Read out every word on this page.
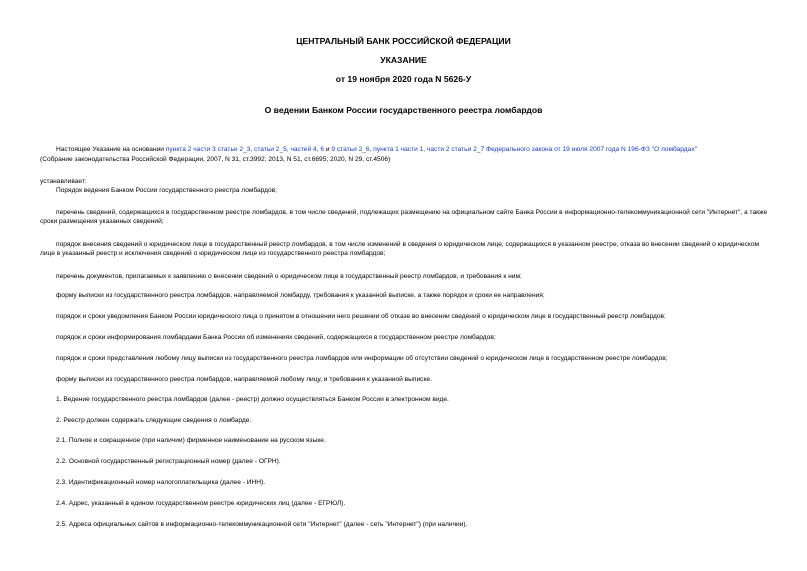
ЦЕНТРАЛЬНЫЙ БАНК РОССИЙСКОЙ ФЕДЕРАЦИИ
УКАЗАНИЕ
от 19 ноября 2020 года N 5626-У
О ведении Банком России государственного реестра ломбардов
Настоящее Указание на основании пункта 2 части 3 статьи 2_3, статьи 2_5, частей 4, 6 и 9 статьи 2_6, пункта 1 части 1, части 2 статьи 2_7 Федерального закона от 19 июля 2007 года N 196-ФЗ "О ломбардах"
(Собрание законодательства Российской Федерации, 2007, N 31, ст.3992; 2013, N 51, ст.6695; 2020, N 29, ст.4506)
устанавливает:
Порядок ведения Банком России государственного реестра ломбардов;
перечень сведений, содержащихся в государственном реестре ломбардов, в том числе сведений, подлежащих размещению на официальном сайте Банка России в информационно-телекоммуникационной сети "Интернет", а также сроки размещения указанных сведений;
порядок внесения сведений о юридическом лице в государственный реестр ломбардов, в том числе изменений в сведения о юридическом лице, содержащихся в указанном реестре, отказа во внесении сведений о юридическом лице в указанный реестр и исключения сведений о юридическом лице из государственного реестра ломбардов;
перечень документов, прилагаемых к заявлению о внесении сведений о юридическом лице в государственный реестр ломбардов, и требования к ним;
форму выписки из государственного реестра ломбардов, направляемой ломбарду, требования к указанной выписке, а также порядок и сроки ее направления;
порядок и сроки уведомления Банком России юридического лица о принятом в отношении него решении об отказе во внесении сведений о юридическом лице в государственный реестр ломбардов;
порядок и сроки информирования ломбардами Банка России об изменениях сведений, содержащихся в государственном реестре ломбардов;
порядок и сроки представления любому лицу выписки из государственного реестра ломбардов или информации об отсутствии сведений о юридическом лице в государственном реестре ломбардов;
форму выписки из государственного реестра ломбардов, направляемой любому лицу, и требования к указанной выписке.
1. Ведение государственного реестра ломбардов (далее - реестр) должно осуществляться Банком России в электронном виде.
2. Реестр должен содержать следующие сведения о ломбарде.
2.1. Полное и сокращенное (при наличии) фирменное наименование на русском языке.
2.2. Основной государственный регистрационный номер (далее - ОГРН).
2.3. Идентификационный номер налогоплательщика (далее - ИНН).
2.4. Адрес, указанный в едином государственном реестре юридических лиц (далее - ЕГРЮЛ).
2.5. Адреса официальных сайтов в информационно-телекоммуникационной сети "Интернет" (далее - сеть "Интернет") (при наличии).
